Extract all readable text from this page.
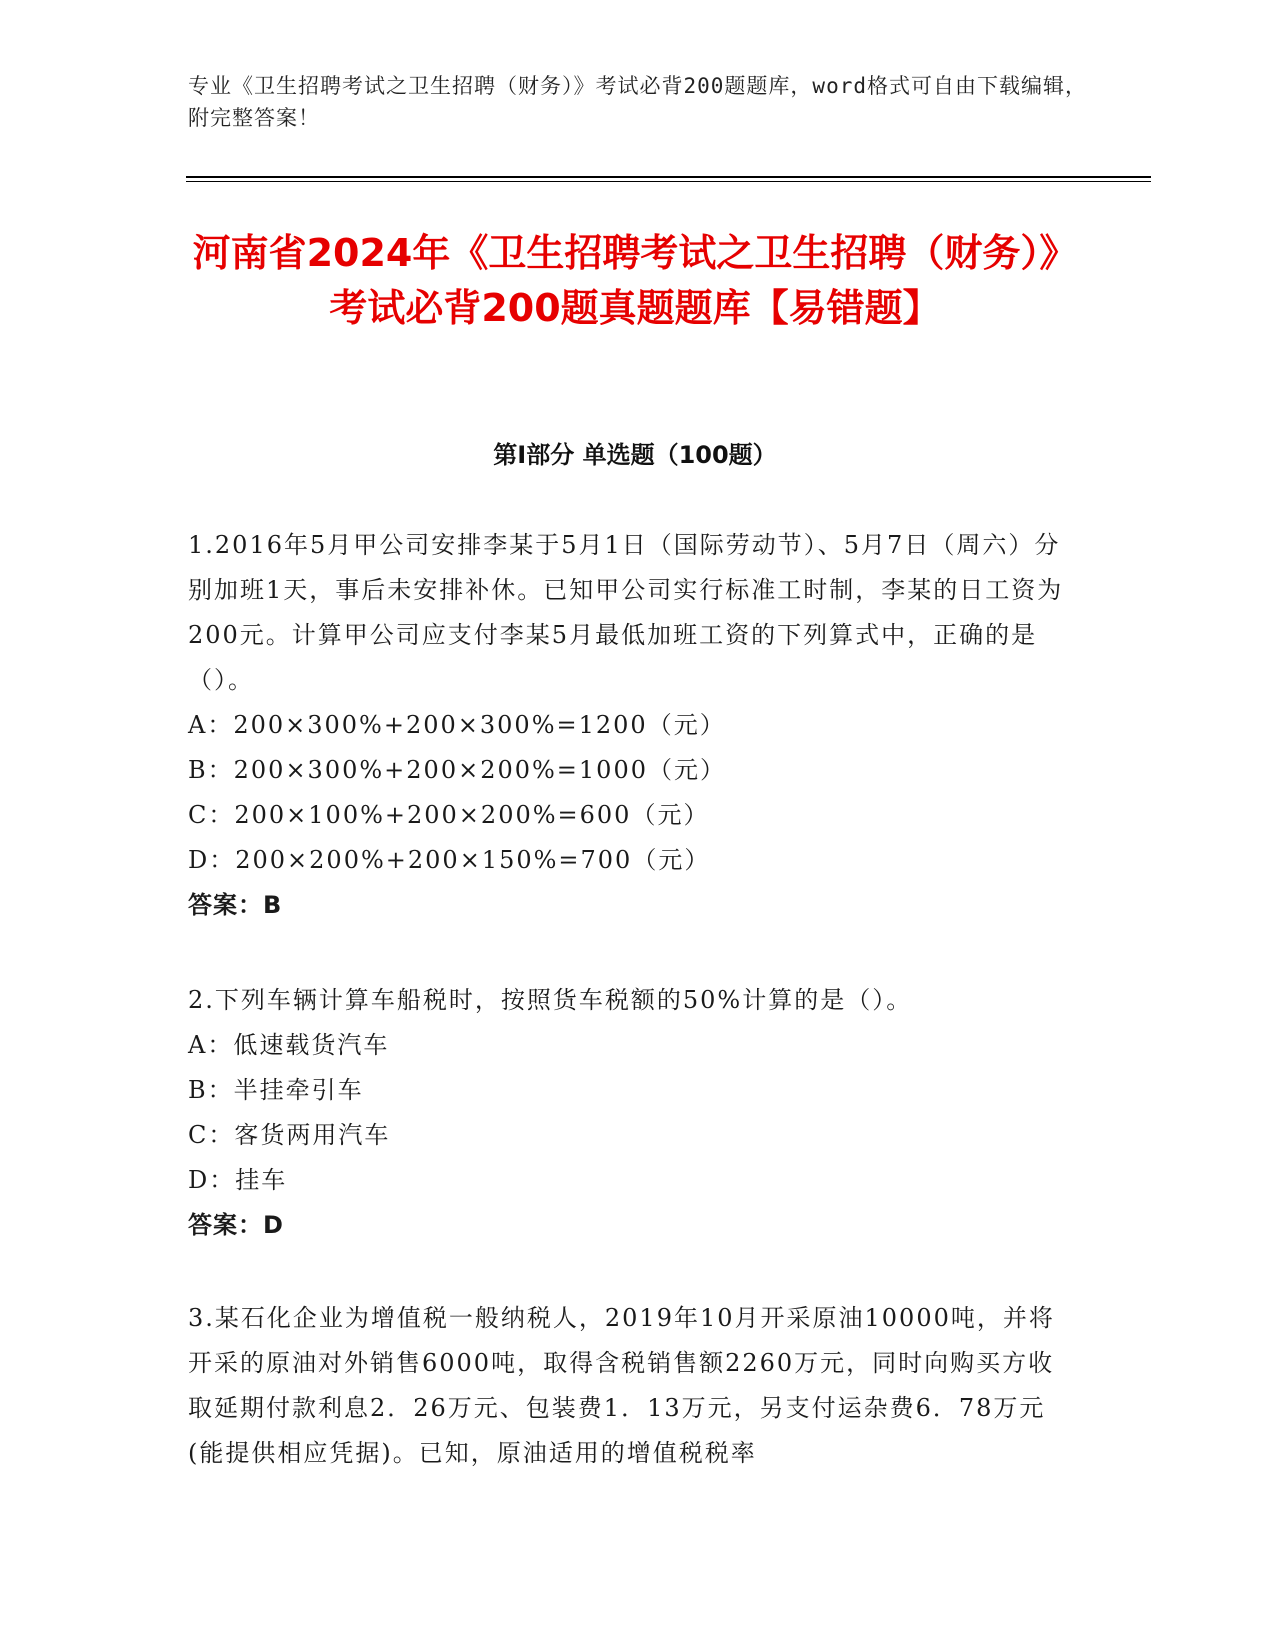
专业《卫生招聘考试之卫生招聘（财务）》考试必背200题题库，word格式可自由下载编辑，附完整答案！
河南省2024年《卫生招聘考试之卫生招聘（财务）》考试必背200题真题题库【易错题】
第Ⅰ部分 单选题（100题）

1.2016年5月甲公司安排李某于5月1日（国际劳动节）、5月7日（周六）分别加班1天，事后未安排补休。已知甲公司实行标准工时制，李某的日工资为200元。计算甲公司应支付李某5月最低加班工资的下列算式中，正确的是（）。

A：200×300%+200×300%=1200（元）
B：200×300%+200×200%=1000（元）
C：200×100%+200×200%=600（元）
D：200×200%+200×150%=700（元）
答案：B

2.下列车辆计算车船税时，按照货车税额的50%计算的是（）。

A：低速载货汽车
B：半挂牵引车
C：客货两用汽车
D：挂车
答案：D

3.某石化企业为增值税一般纳税人，2019年10月开采原油10000吨，并将开采的原油对外销售6000吨，取得含税销售额2260万元，同时向购买方收取延期付款利息2．26万元、包装费1．13万元，另支付运杂费6．78万元(能提供相应凭据)。已知，原油适用的增值税税率
